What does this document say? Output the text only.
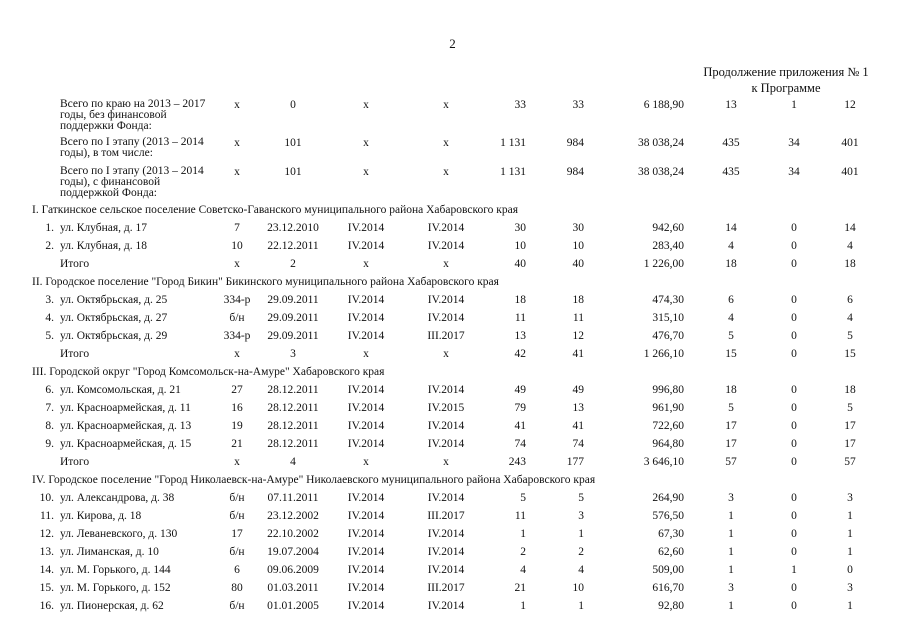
2
Продолжение приложения № 1
к Программе
Всего по краю на 2013 – 2017 годы, без финансовой поддержки Фонда:
x	0	x	x	33	33	6 188,90	13	1	12
Всего по I этапу (2013 – 2014 годы), в том числе:
x	101	x	x	1 131	984	38 038,24	435	34	401
Всего по I этапу (2013 – 2014 годы), с финансовой поддержкой Фонда:
x	101	x	x	1 131	984	38 038,24	435	34	401
I. Гаткинское сельское поселение Советско-Гаванского муниципального района Хабаровского края
1. ул. Клубная, д. 17	7	23.12.2010	IV.2014	IV.2014	30	30	942,60	14	0	14
2. ул. Клубная, д. 18	10	22.12.2011	IV.2014	IV.2014	10	10	283,40	4	0	4
Итого	x	2	x	x	40	40	1 226,00	18	0	18
II. Городское поселение "Город Бикин" Бикинского муниципального района Хабаровского края
3. ул. Октябрьская, д. 25	334-р	29.09.2011	IV.2014	IV.2014	18	18	474,30	6	0	6
4. ул. Октябрьская, д. 27	б/н	29.09.2011	IV.2014	IV.2014	11	11	315,10	4	0	4
5. ул. Октябрьская, д. 29	334-р	29.09.2011	IV.2014	III.2017	13	12	476,70	5	0	5
Итого	x	3	x	x	42	41	1 266,10	15	0	15
III. Городской округ "Город Комсомольск-на-Амуре" Хабаровского края
6. ул. Комсомольская, д. 21	27	28.12.2011	IV.2014	IV.2014	49	49	996,80	18	0	18
7. ул. Красноармейская, д. 11	16	28.12.2011	IV.2014	IV.2015	79	13	961,90	5	0	5
8. ул. Красноармейская, д. 13	19	28.12.2011	IV.2014	IV.2014	41	41	722,60	17	0	17
9. ул. Красноармейская, д. 15	21	28.12.2011	IV.2014	IV.2014	74	74	964,80	17	0	17
Итого	x	4	x	x	243	177	3 646,10	57	0	57
IV. Городское поселение "Город Николаевск-на-Амуре" Николаевского муниципального района Хабаровского края
10. ул. Александрова, д. 38	б/н	07.11.2011	IV.2014	IV.2014	5	5	264,90	3	0	3
11. ул. Кирова, д. 18	б/н	23.12.2002	IV.2014	III.2017	11	3	576,50	1	0	1
12. ул. Леваневского, д. 130	17	22.10.2002	IV.2014	IV.2014	1	1	67,30	1	0	1
13. ул. Лиманская, д. 10	б/н	19.07.2004	IV.2014	IV.2014	2	2	62,60	1	0	1
14. ул. М. Горького, д. 144	6	09.06.2009	IV.2014	IV.2014	4	4	509,00	1	1	0
15. ул. М. Горького, д. 152	80	01.03.2011	IV.2014	III.2017	21	10	616,70	3	0	3
16. ул. Пионерская, д. 62	б/н	01.01.2005	IV.2014	IV.2014	1	1	92,80	1	0	1
